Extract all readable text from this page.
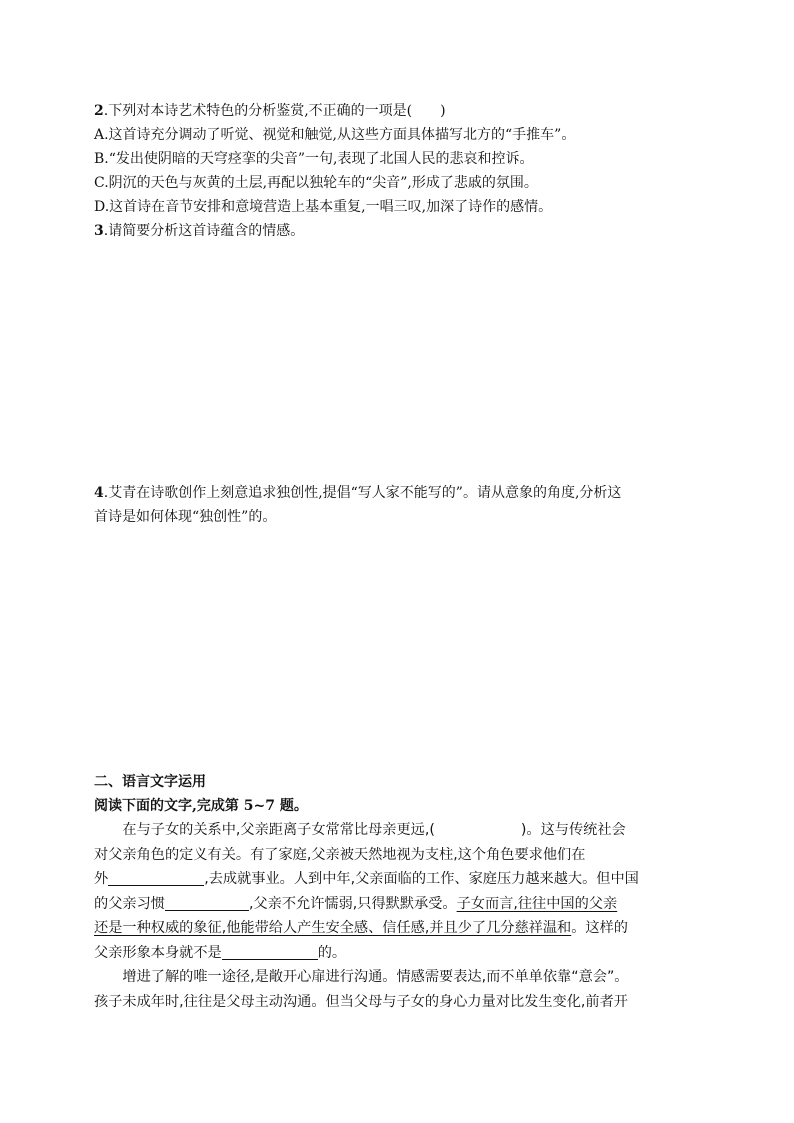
2.下列对本诗艺术特色的分析鉴赏,不正确的一项是(　　)

A.这首诗充分调动了听觉、视觉和触觉,从这些方面具体描写北方的“手推车”。

B.“发出使阴暗的天穹痉挛的尖音”一句,表现了北国人民的悲哀和控诉。

C.阴沉的天色与灰黄的土层,再配以独轮车的“尖音”,形成了悲戚的氛围。

D.这首诗在音节安排和意境营造上基本重复,一唱三叹,加深了诗作的感情。

3.请简要分析这首诗蕴含的情感。

4.艾青在诗歌创作上刻意追求独创性,提倡“写人家不能写的”。请从意象的角度,分析这

首诗是如何体现“独创性”的。

二、语言文字运用

阅读下面的文字,完成第 5~7 题。

在与子女的关系中,父亲距离子女常常比母亲更远,(	)。这与传统社会

对父亲角色的定义有关。有了家庭,父亲被天然地视为支柱,这个角色要求他们在

外	,去成就事业。人到中年,父亲面临的工作、家庭压力越来越大。但中国

的父亲习惯	,父亲不允许懦弱,只得默默承受。子女而言,往往中国的父亲

还是一种权威的象征,他能带给人产生安全感、信任感,并且少了几分慈祥温和。这样的

父亲形象本身就不是	的。

增进了解的唯一途径,是敞开心扉进行沟通。情感需要表达,而不单单依靠“意会”。

孩子未成年时,往往是父母主动沟通。但当父母与子女的身心力量对比发生变化,前者开
